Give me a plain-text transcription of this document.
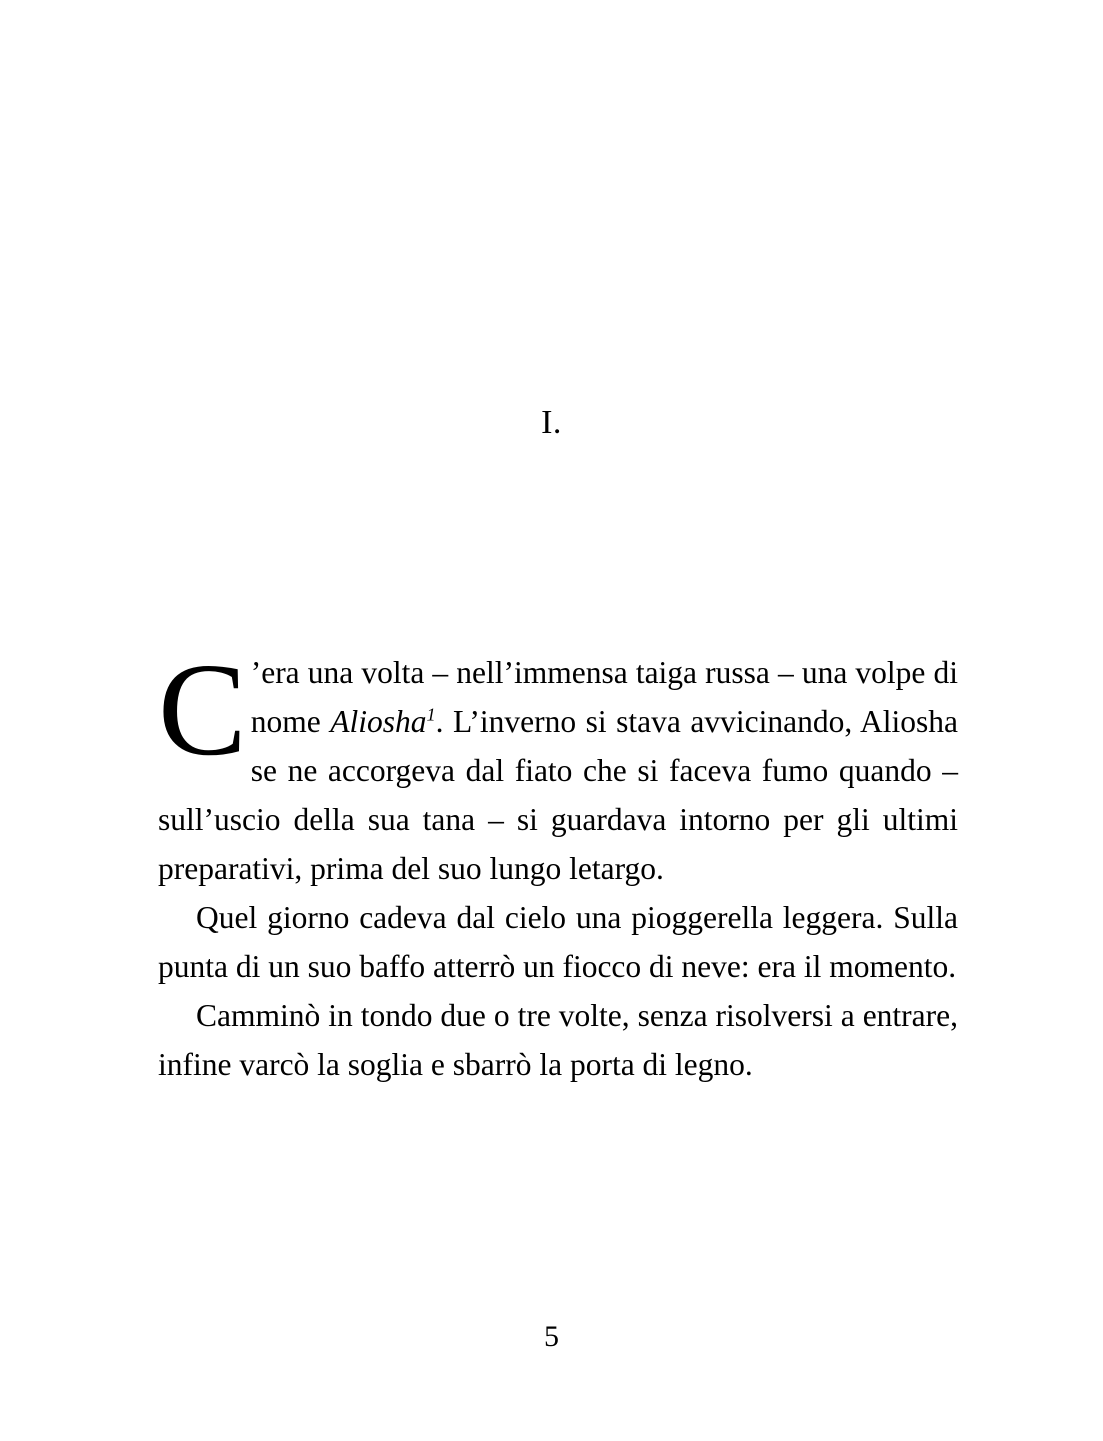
I.

C ’era una volta – nell’immensa taiga russa – una volpe di nome Aliosha$^1$. L’inverno si stava avvicinando, Aliosha se ne accorgeva dal fiato che si faceva fumo quando – sull’uscio della sua tana – si guardava intorno per gli ultimi preparativi, prima del suo lungo letargo.

Quel giorno cadeva dal cielo una pioggerella leggera. Sulla punta di un suo baffo atterrò un fiocco di neve: era il momento.

Camminò in tondo due o tre volte, senza risolversi a entrare, infine varcò la soglia e sbarrò la porta di legno.

5
